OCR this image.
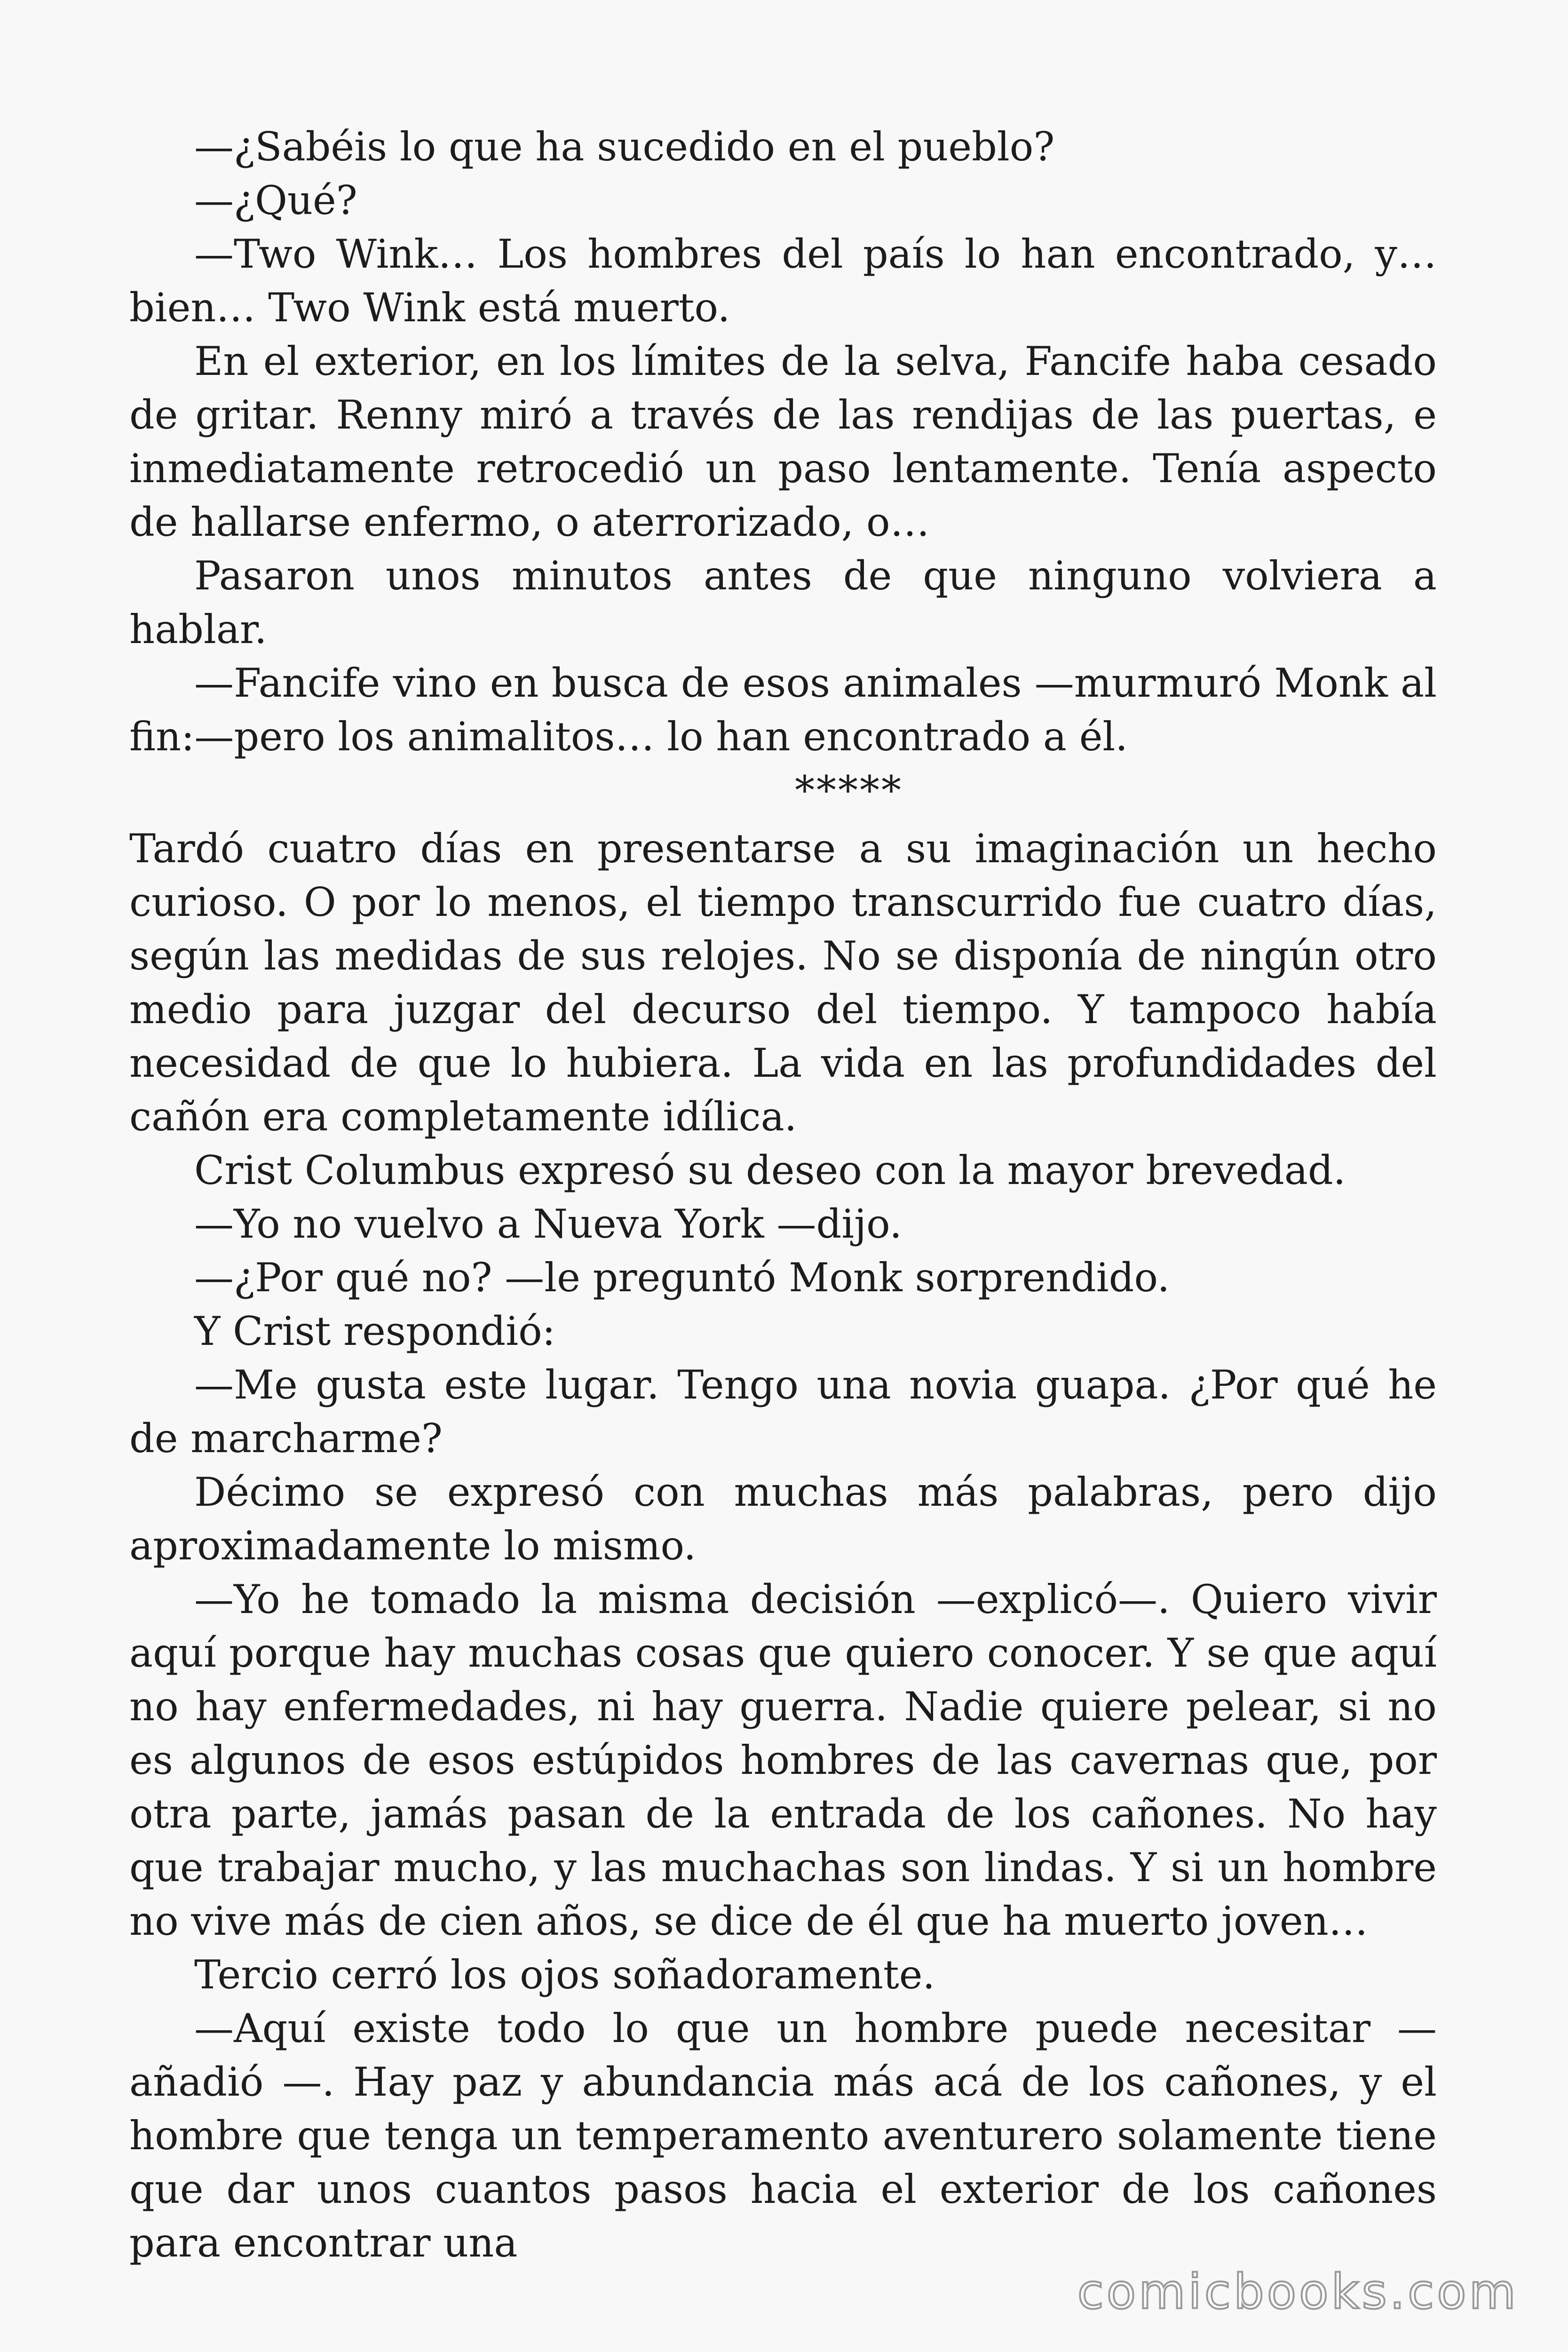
—¿Sabéis lo que ha sucedido en el pueblo?

—¿Qué?

—Two Wink… Los hombres del país lo han encontrado, y… bien… Two Wink está muerto.

En el exterior, en los límites de la selva, Fancife haba cesado de gritar. Renny miró a través de las rendijas de las puertas, e inmediatamente retrocedió un paso lentamente. Tenía aspecto de hallarse enfermo, o aterrorizado, o…

Pasaron unos minutos antes de que ninguno volviera a hablar.

—Fancife vino en busca de esos animales —murmuró Monk al fin:—pero los animalitos… lo han encontrado a él.

*****

Tardó cuatro días en presentarse a su imaginación un hecho curioso. O por lo menos, el tiempo transcurrido fue cuatro días, según las medidas de sus relojes. No se disponía de ningún otro medio para juzgar del decurso del tiempo. Y tampoco había necesidad de que lo hubiera. La vida en las profundidades del cañón era completamente idílica.

Crist Columbus expresó su deseo con la mayor brevedad.

—Yo no vuelvo a Nueva York —dijo.

—¿Por qué no? —le preguntó Monk sorprendido.

Y Crist respondió:

—Me gusta este lugar. Tengo una novia guapa. ¿Por qué he de marcharme?

Décimo se expresó con muchas más palabras, pero dijo aproximadamente lo mismo.

—Yo he tomado la misma decisión —explicó—. Quiero vivir aquí porque hay muchas cosas que quiero conocer. Y se que aquí no hay enfermedades, ni hay guerra. Nadie quiere pelear, si no es algunos de esos estúpidos hombres de las cavernas que, por otra parte, jamás pasan de la entrada de los cañones. No hay que trabajar mucho, y las muchachas son lindas. Y si un hombre no vive más de cien años, se dice de él que ha muerto joven…

Tercio cerró los ojos soñadoramente.

—Aquí existe todo lo que un hombre puede necesitar —añadió —. Hay paz y abundancia más acá de los cañones, y el hombre que tenga un temperamento aventurero solamente tiene que dar unos cuantos pasos hacia el exterior de los cañones para encontrar una

comicbooks.com
